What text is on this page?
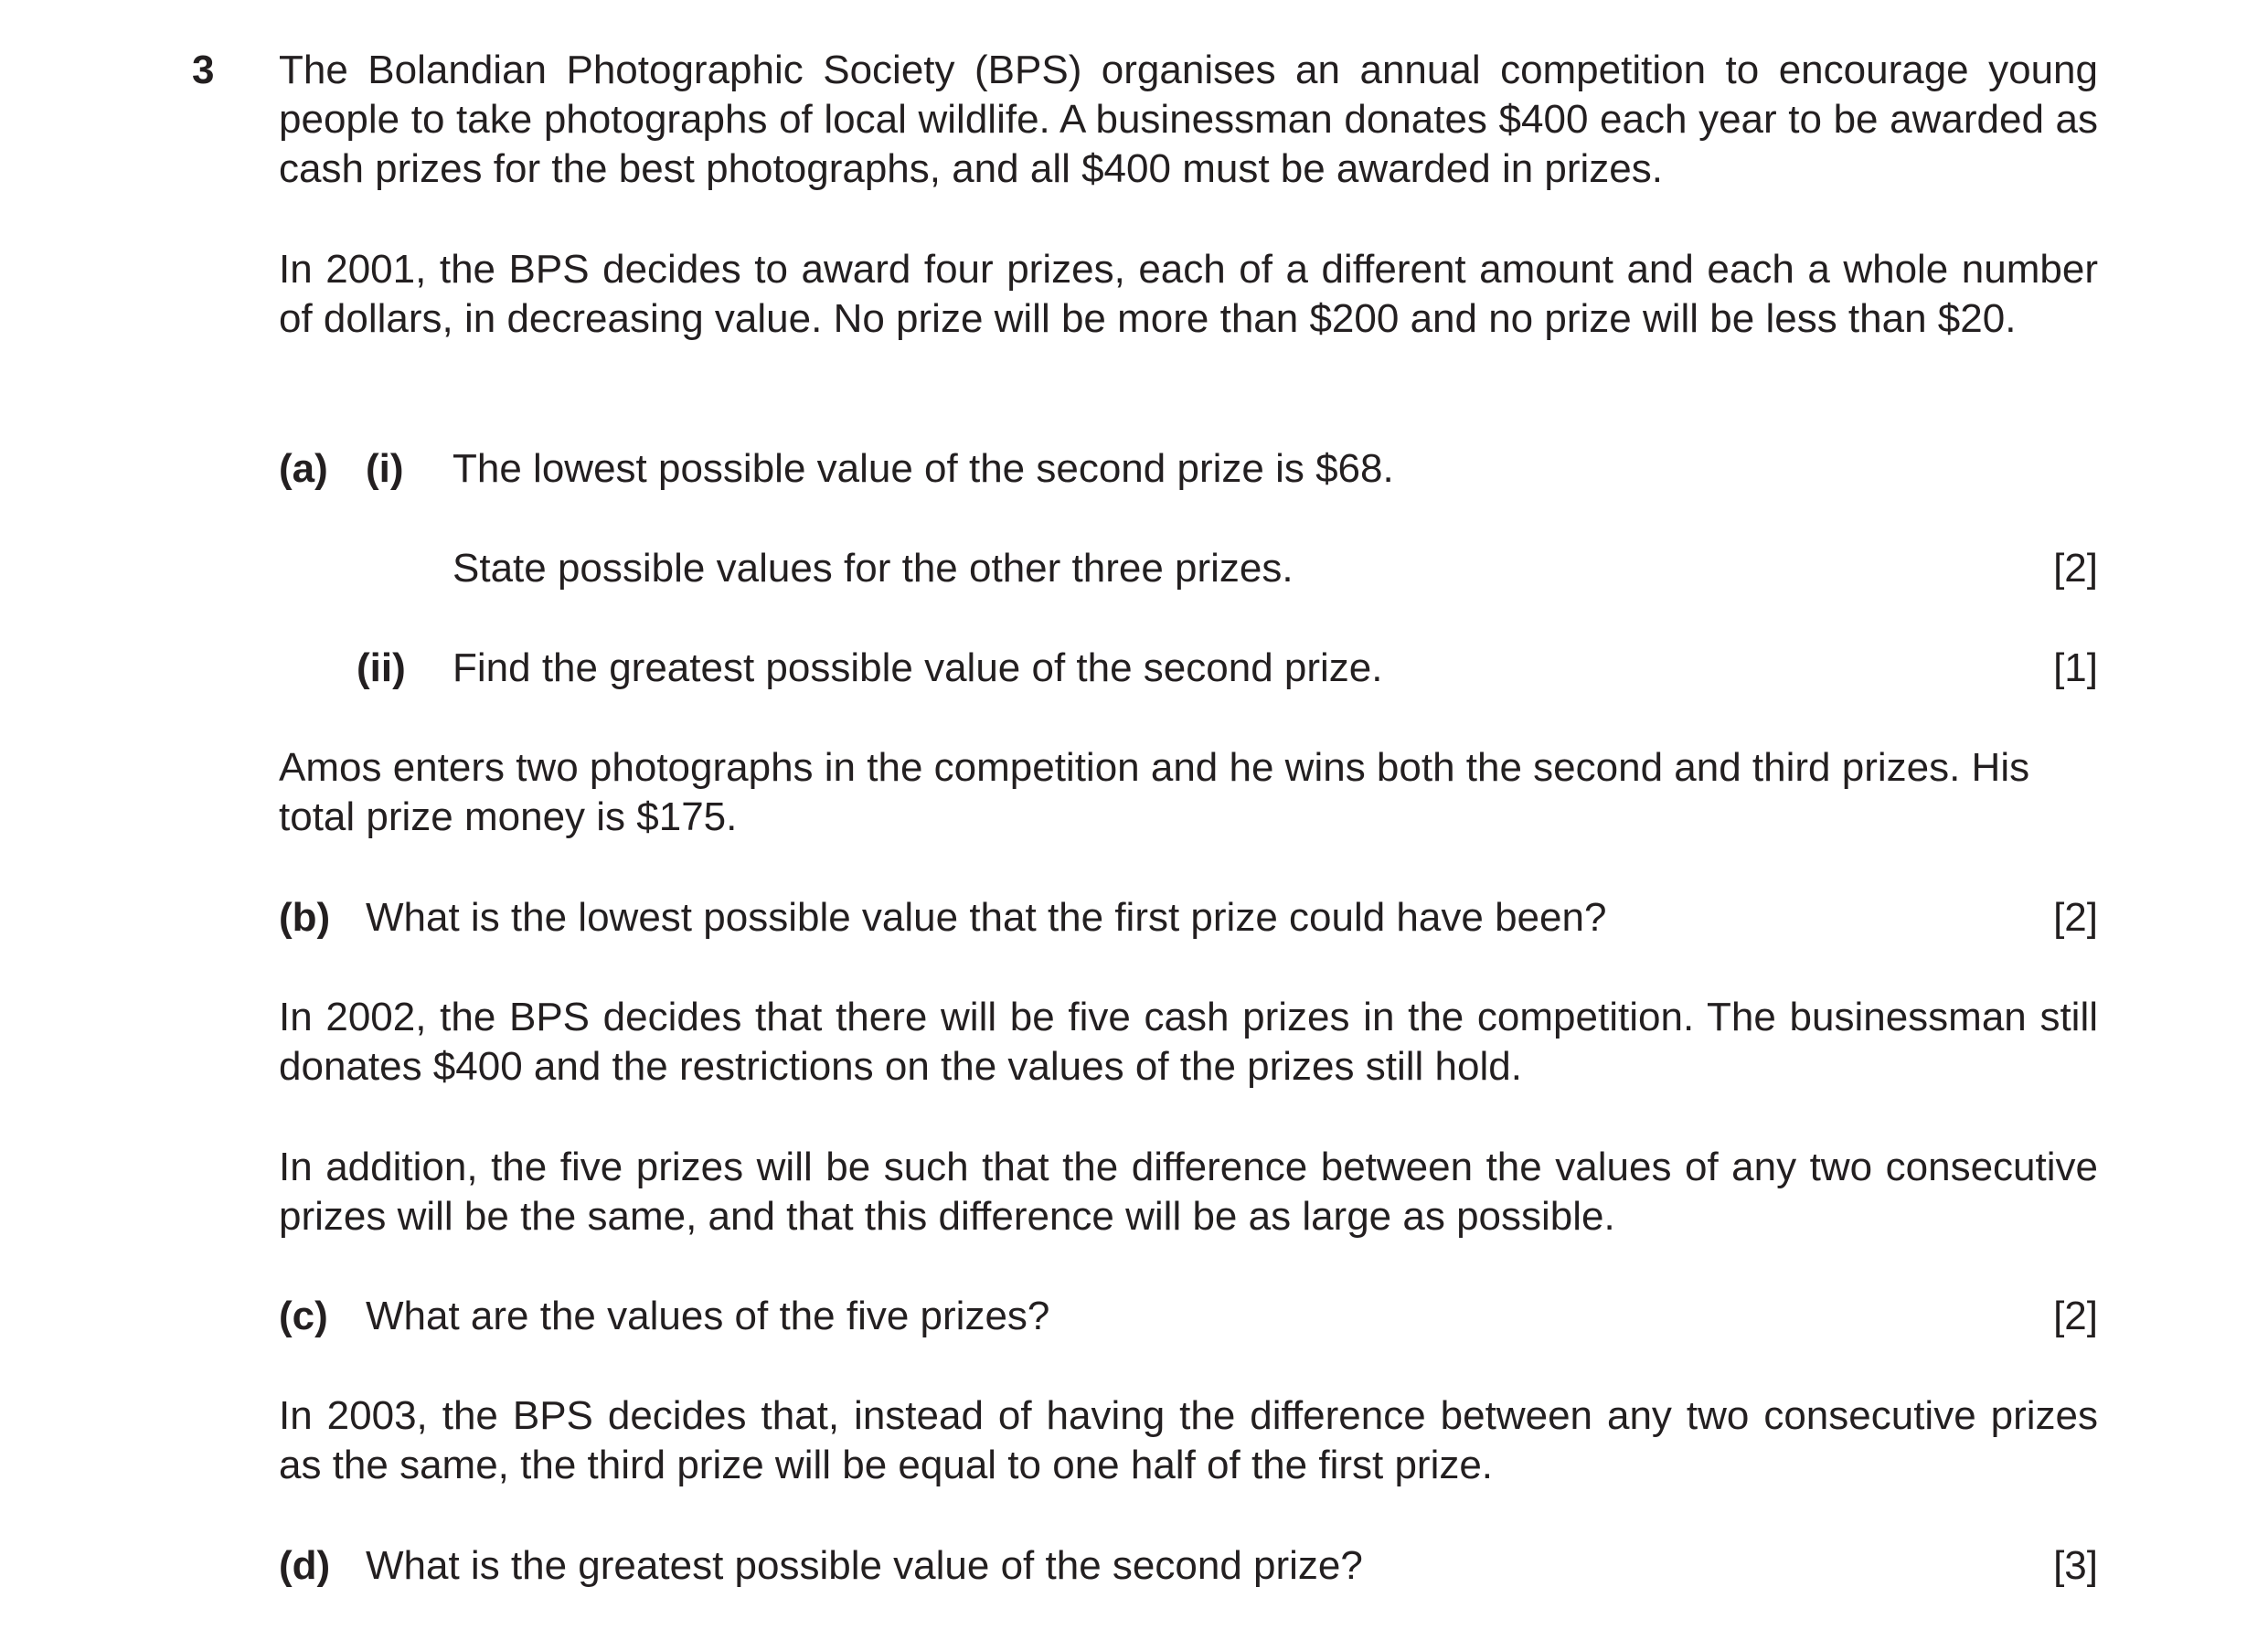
3 The Bolandian Photographic Society (BPS) organises an annual competition to encourage young people to take photographs of local wildlife. A businessman donates $400 each year to be awarded as cash prizes for the best photographs, and all $400 must be awarded in prizes.

In 2001, the BPS decides to award four prizes, each of a different amount and each a whole number of dollars, in decreasing value. No prize will be more than $200 and no prize will be less than $20.

(a) (i) The lowest possible value of the second prize is $68.
State possible values for the other three prizes.	[2]
(ii) Find the greatest possible value of the second prize.	[1]

Amos enters two photographs in the competition and he wins both the second and third prizes. His total prize money is $175.

(b) What is the lowest possible value that the first prize could have been?	[2]

In 2002, the BPS decides that there will be five cash prizes in the competition. The businessman still donates $400 and the restrictions on the values of the prizes still hold.

In addition, the five prizes will be such that the difference between the values of any two consecutive prizes will be the same, and that this difference will be as large as possible.

(c) What are the values of the five prizes?	[2]

In 2003, the BPS decides that, instead of having the difference between any two consecutive prizes as the same, the third prize will be equal to one half of the first prize.

(d) What is the greatest possible value of the second prize?	[3]
